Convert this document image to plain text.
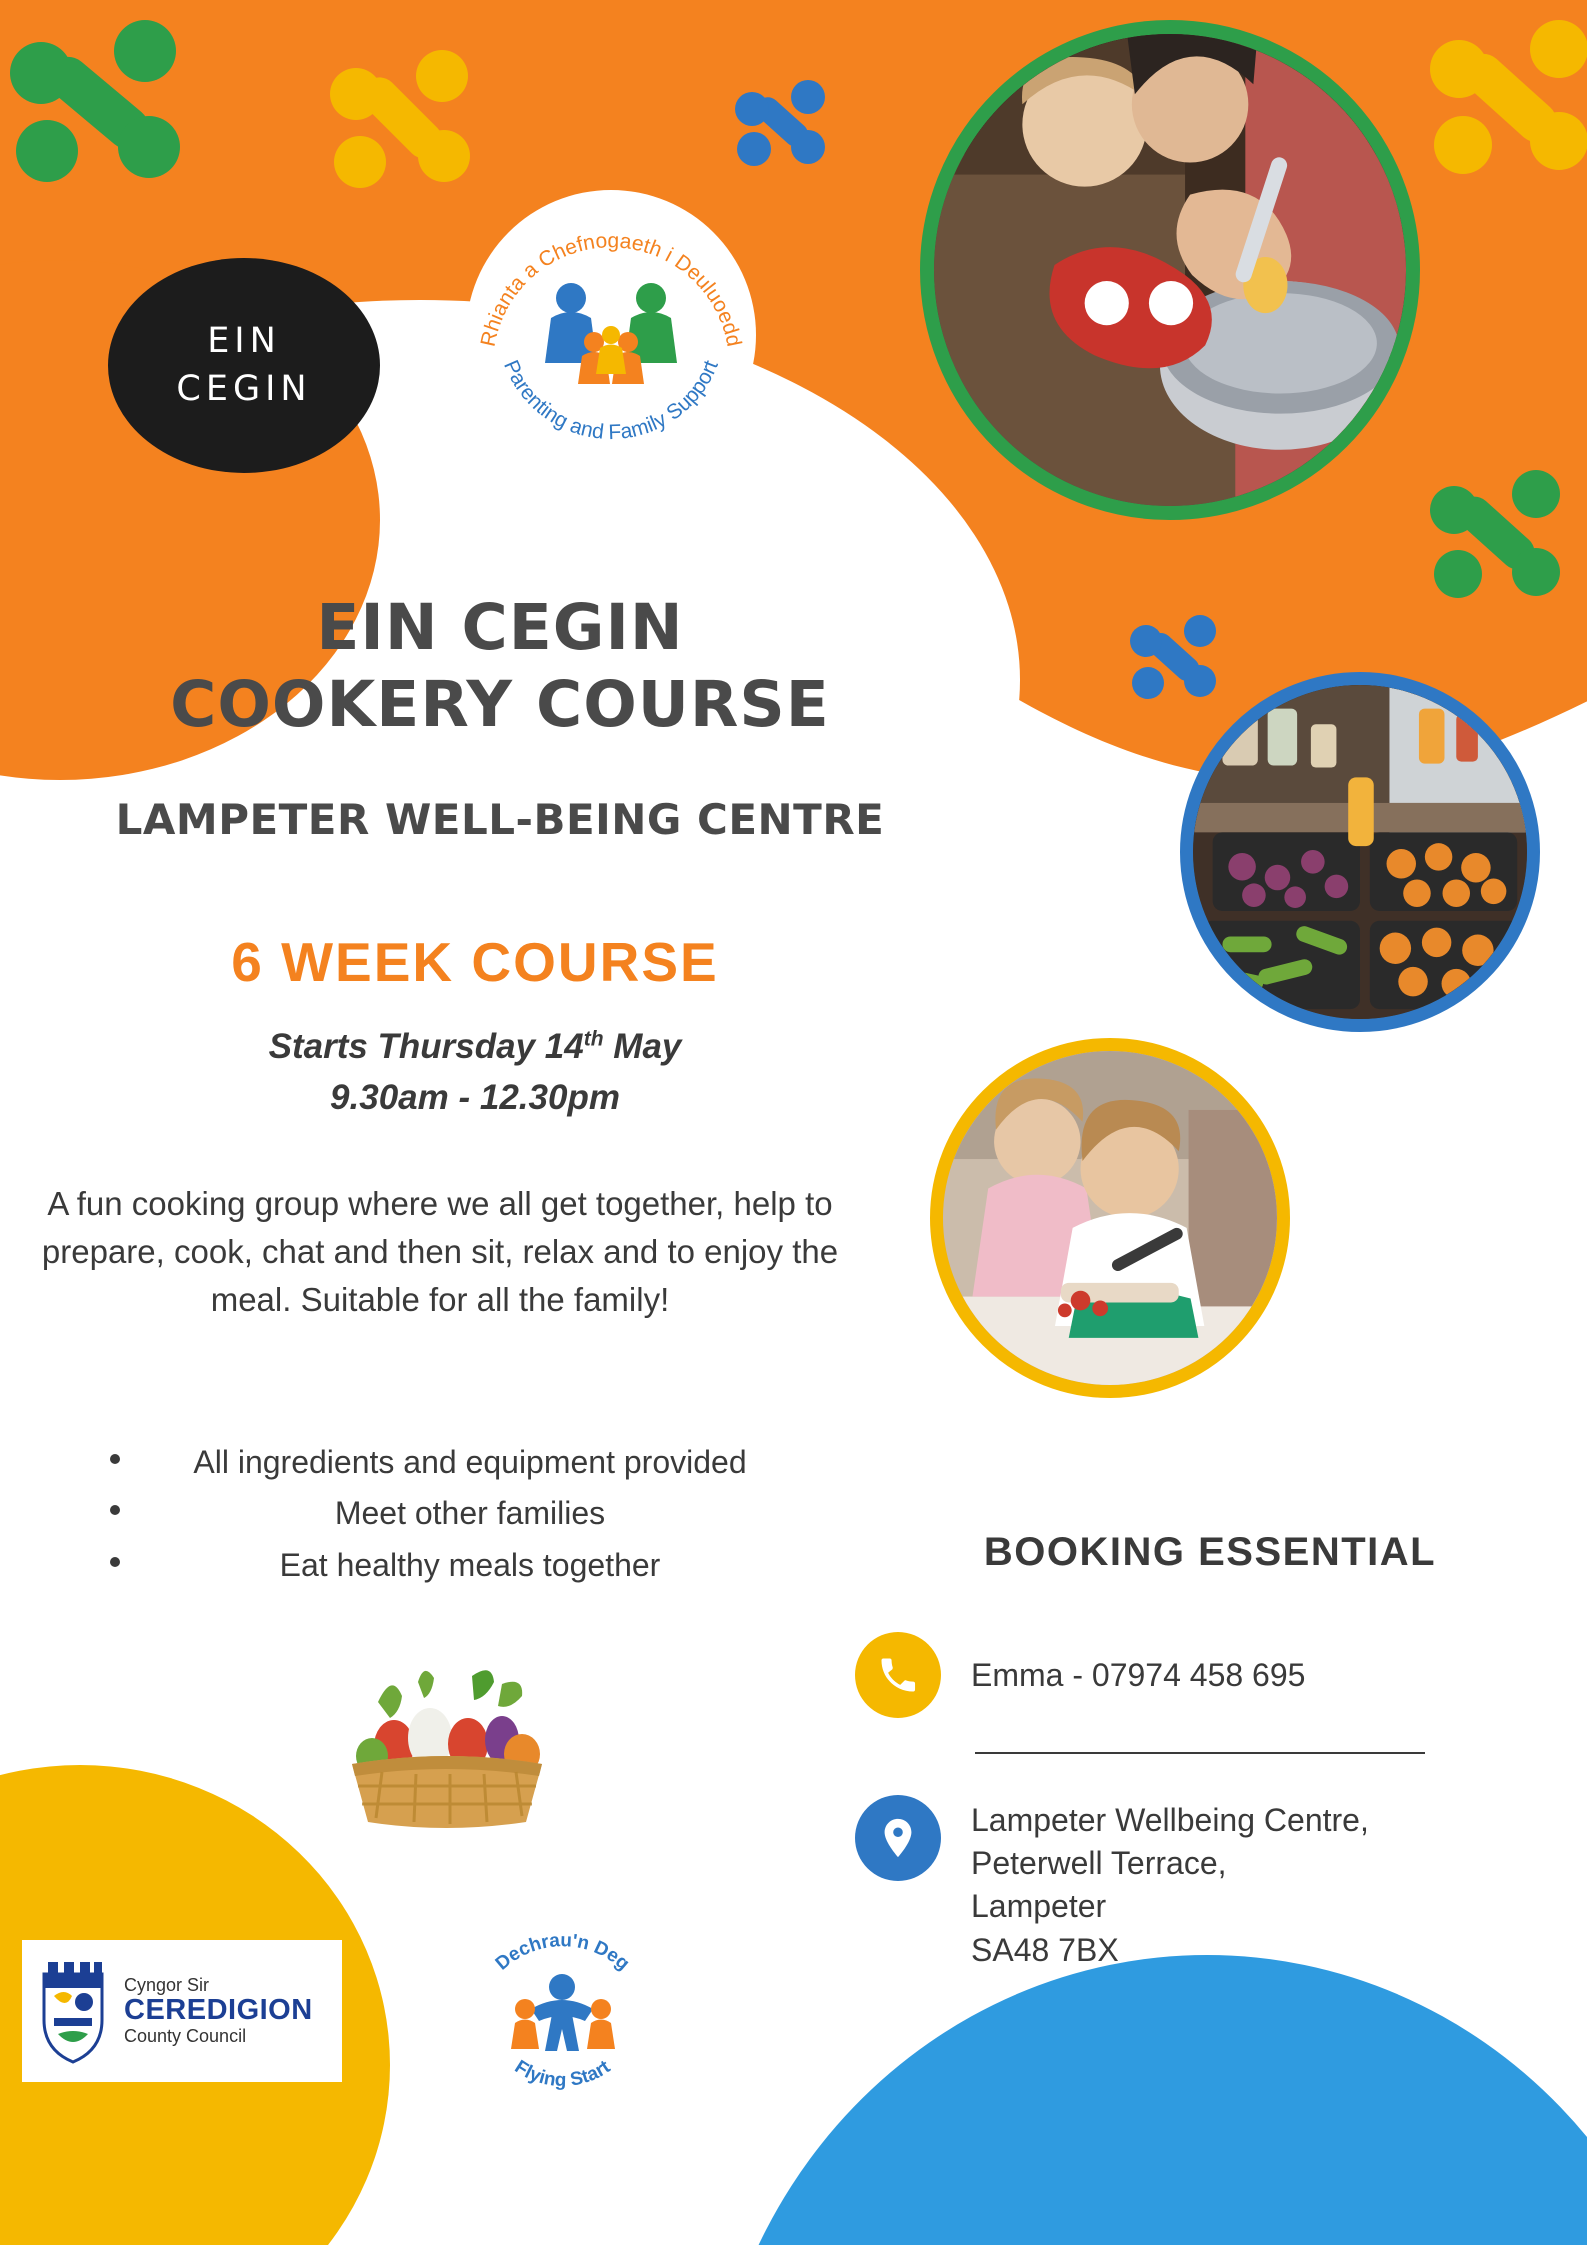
EIN
CEGIN
Rhianta a Chefnogaeth i Deuluoedd
Parenting and Family Support
EIN CEGIN
COOKERY COURSE
LAMPETER WELL-BEING CENTRE
6 WEEK COURSE
Starts Thursday 14th May
9.30am - 12.30pm
A fun cooking group where we all get together, help to prepare, cook, chat and then sit, relax and to enjoy the meal. Suitable for all the family!
All ingredients and equipment provided
Meet other families
Eat healthy meals together	BOOKING ESSENTIAL
Emma - 07974 458 695
Lampeter Wellbeing Centre,
Peterwell Terrace,
Lampeter
SA48 7BX
Cyngor Sir
CEREDIGION
County Council
Dechrau'n Deg
Flying Start
